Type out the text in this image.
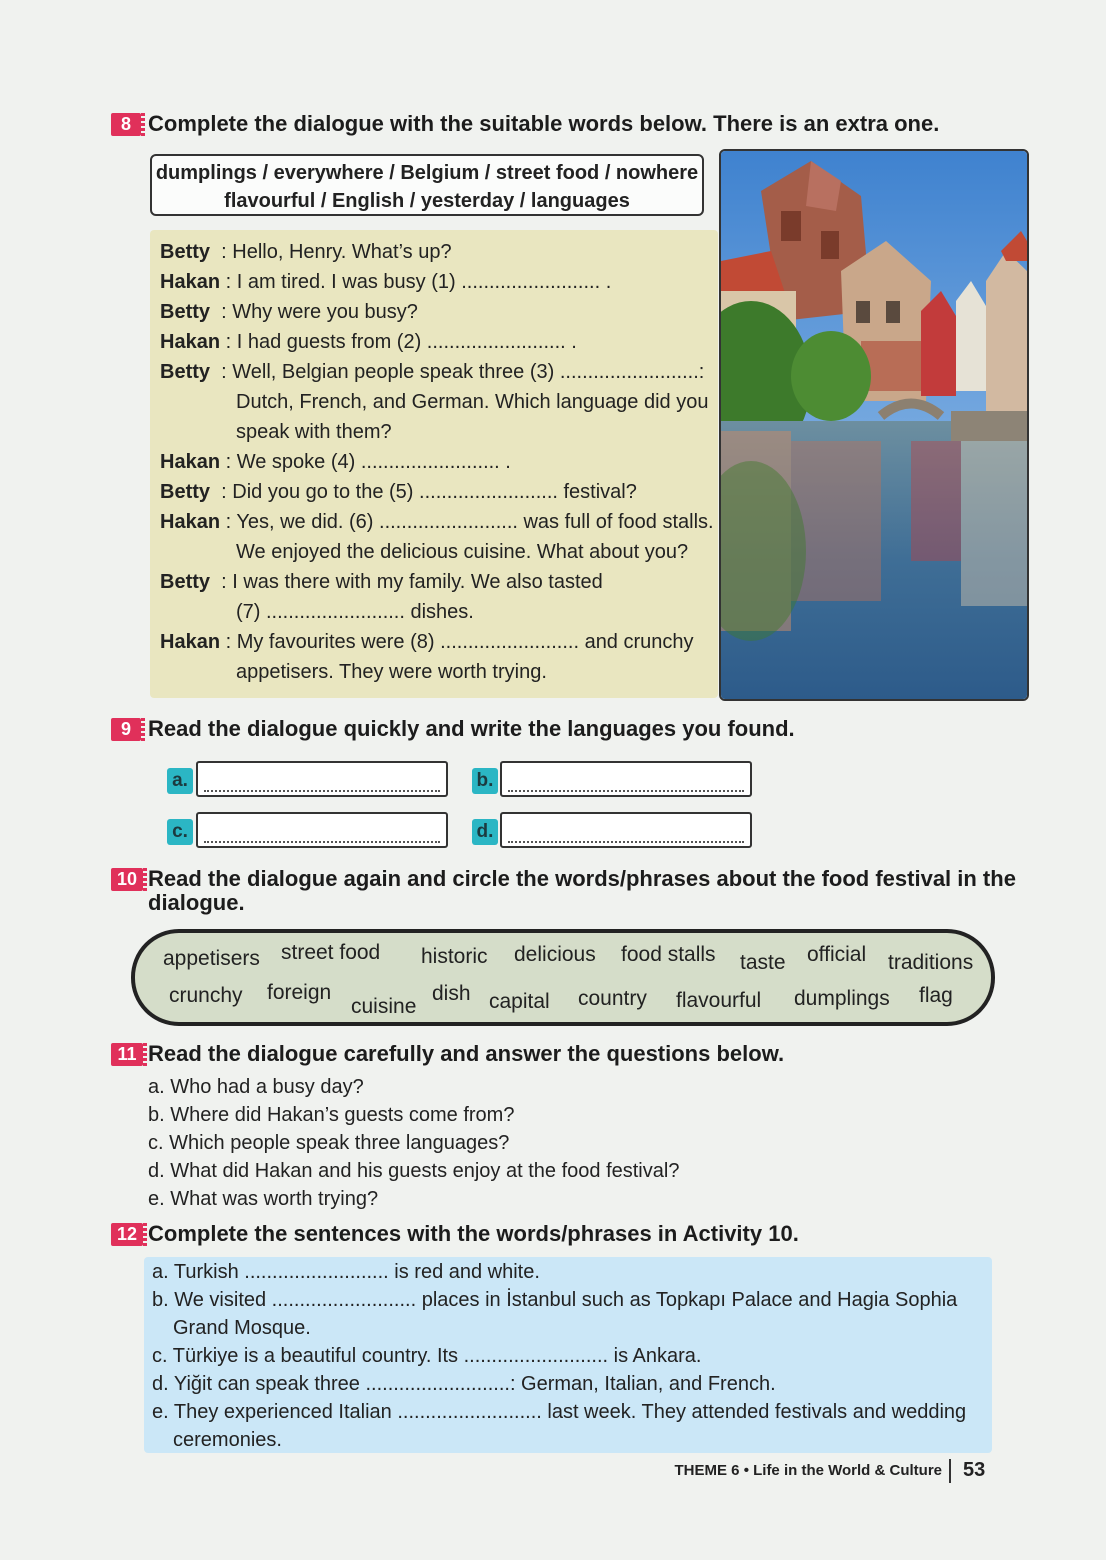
8 Complete the dialogue with the suitable words below. There is an extra one.
dumplings / everywhere / Belgium / street food / nowhere
flavourful / English / yesterday / languages
Betty  : Hello, Henry. What’s up?
Hakan : I am tired. I was busy (1) ......................... .
Betty  : Why were you busy?
Hakan : I had guests from (2) ......................... .
Betty  : Well, Belgian people speak three (3) .........................:
Dutch, French, and German. Which language did you
speak with them?
Hakan : We spoke (4) ......................... .
Betty  : Did you go to the (5) ......................... festival?
Hakan : Yes, we did. (6) ......................... was full of food stalls.
We enjoyed the delicious cuisine. What about you?
Betty  : I was there with my family. We also tasted
(7) ......................... dishes.
Hakan : My favourites were (8) ......................... and crunchy
appetisers. They were worth trying.
9 Read the dialogue quickly and write the languages you found.
a.	b.
c.	d.
10 Read the dialogue again and circle the words/phrases about the food festival in the
dialogue.
appetisers street food historic delicious food stalls taste official traditions
crunchy foreign
cuisine
dish capital country flavourful dumplings flag
11 Read the dialogue carefully and answer the questions below.
a. Who had a busy day?
b. Where did Hakan’s guests come from?
c. Which people speak three languages?
d. What did Hakan and his guests enjoy at the food festival?
e. What was worth trying?
12 Complete the sentences with the words/phrases in Activity 10.
a. Turkish .......................... is red and white.
b. We visited .......................... places in İstanbul such as Topkapı Palace and Hagia Sophia
Grand Mosque.
c. Türkiye is a beautiful country. Its .......................... is Ankara.
d. Yiğit can speak three ..........................: German, Italian, and French.
e. They experienced Italian .......................... last week. They attended festivals and wedding
ceremonies.
THEME 6 • Life in the World & Culture 53
